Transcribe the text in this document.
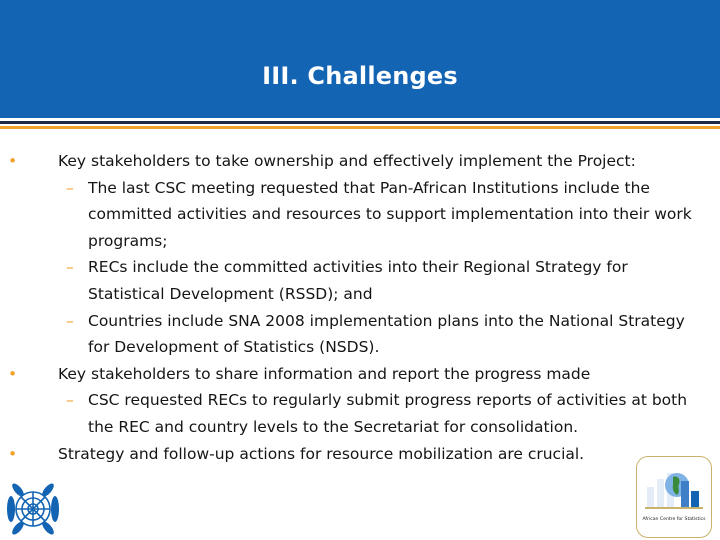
III. Challenges
•	Key stakeholders to take ownership and effectively implement the Project:
– The last CSC meeting requested that Pan-African Institutions include the committed activities and resources to support implementation into their work programs;
– RECs include the committed activities into their Regional Strategy for Statistical Development (RSSD); and
– Countries include SNA 2008 implementation plans into the National Strategy for Development of Statistics (NSDS).
•	Key stakeholders to share information and report the progress made
– CSC requested RECs to regularly submit progress reports of activities at both the REC and country levels to the Secretariat for consolidation.
•	Strategy and follow-up actions for resource mobilization are crucial.
African Centre for Statistics
